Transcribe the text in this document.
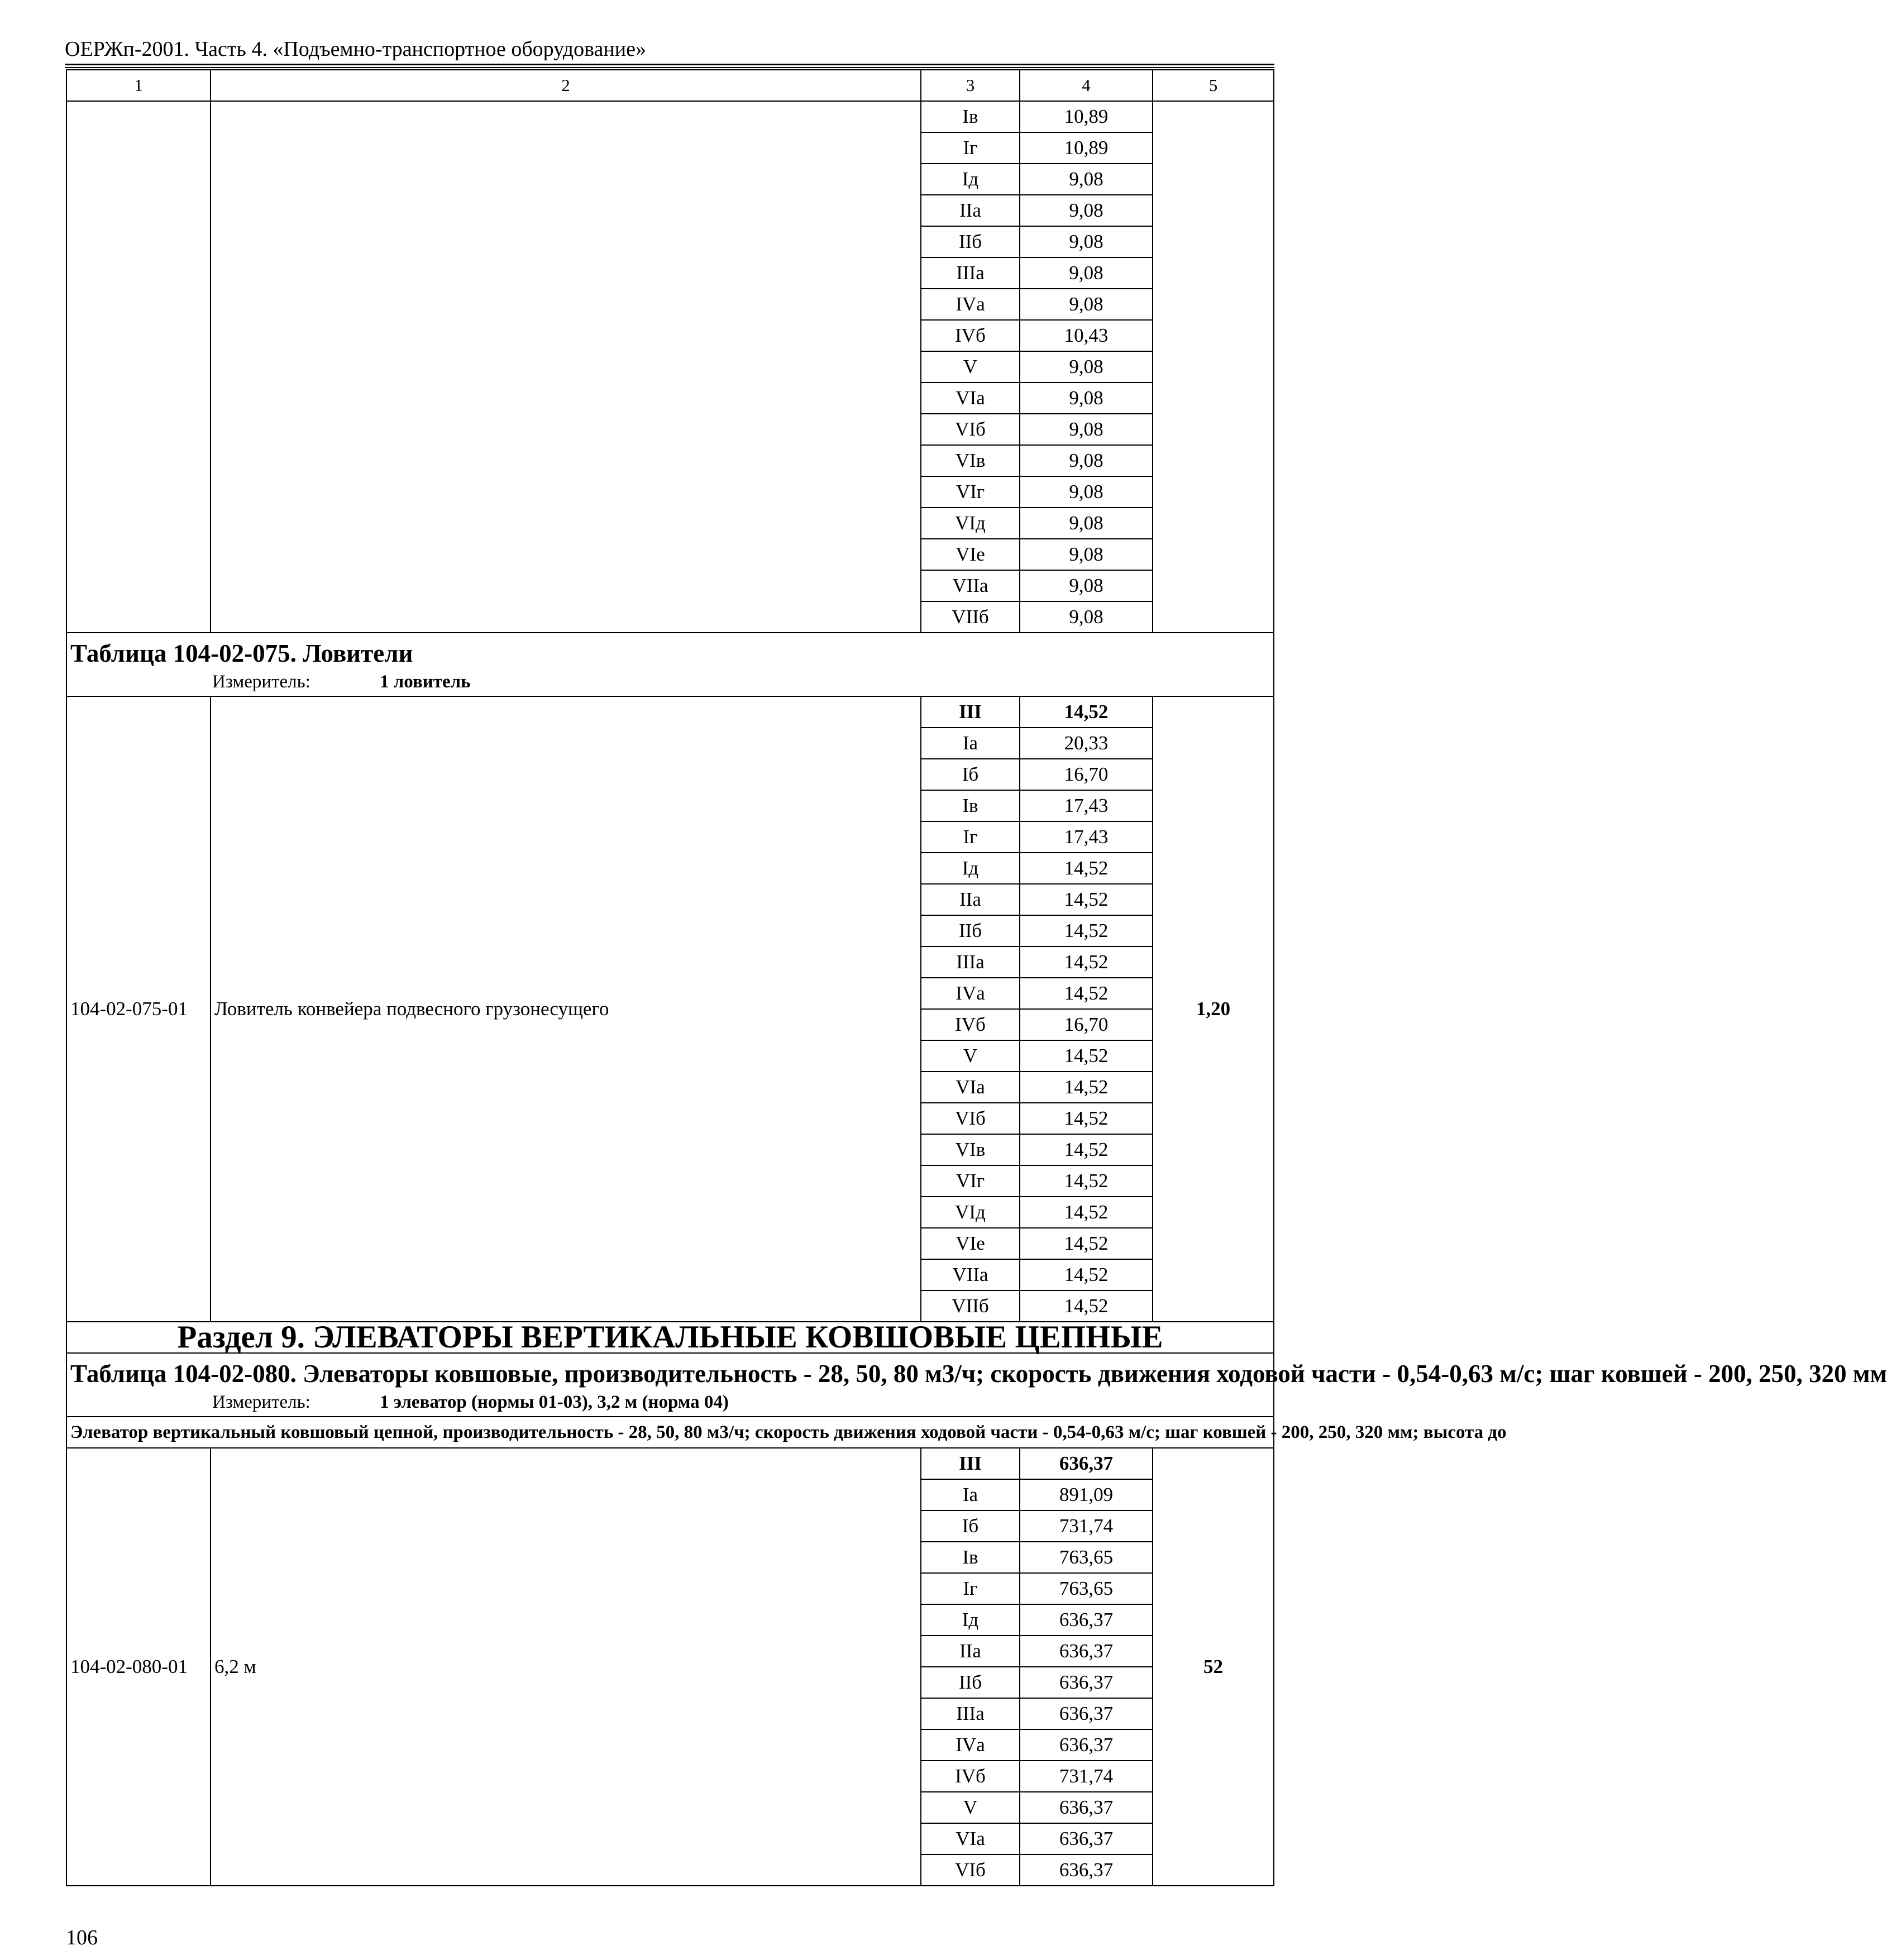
ОЕРЖп-2001. Часть 4. «Подъемно-транспортное оборудование»
1	2	3	4	5
		Iв	10,89	
		Iг	10,89	
		Iд	9,08	
		IIа	9,08	
		IIб	9,08	
		IIIа	9,08	
		IVа	9,08	
		IVб	10,43	
		V	9,08	
		VIа	9,08	
		VIб	9,08	
		VIв	9,08	
		VIг	9,08	
		VIд	9,08	
		VIе	9,08	
		VIIа	9,08	
		VIIб	9,08	

Таблица 104-02-075. Ловители
Измеритель: 1 ловитель				

104-02-075-01	Ловитель конвейера подвесного грузонесущего	III	14,52	1,20
		Iа	20,33	
		Iб	16,70	
		Iв	17,43	
		Iг	17,43	
		Iд	14,52	
		IIа	14,52	
		IIб	14,52	
		IIIа	14,52	
		IVа	14,52	
		IVб	16,70	
		V	14,52	
		VIа	14,52	
		VIб	14,52	
		VIв	14,52	
		VIг	14,52	
		VIд	14,52	
		VIе	14,52	
		VIIа	14,52	
		VIIб	14,52	
Раздел 9. ЭЛЕВАТОРЫ ВЕРТИКАЛЬНЫЕ КОВШОВЫЕ ЦЕПНЫЕ				

Таблица 104-02-080. Элеваторы ковшовые, производительность - 28, 50, 80 м3/ч; скорость движения ходовой части - 0,54-0,63 м/с; шаг ковшей - 200, 250, 320 мм
Измеритель: 1 элеватор (нормы 01-03), 3,2 м (норма 04)				

Элеватор вертикальный ковшовый цепной, производительность - 28, 50, 80 м3/ч; скорость движения ходовой части - 0,54-0,63 м/с; шаг ковшей - 200, 250, 320 мм; высота до				
104-02-080-01	6,2 м	III	636,37	52
		Iа	891,09	
		Iб	731,74	
		Iв	763,65	
		Iг	763,65	
		Iд	636,37	
		IIа	636,37	
		IIб	636,37	
		IIIа	636,37	
		IVа	636,37	
		IVб	731,74	
		V	636,37	
		VIа	636,37	
		VIб	636,37	
106
